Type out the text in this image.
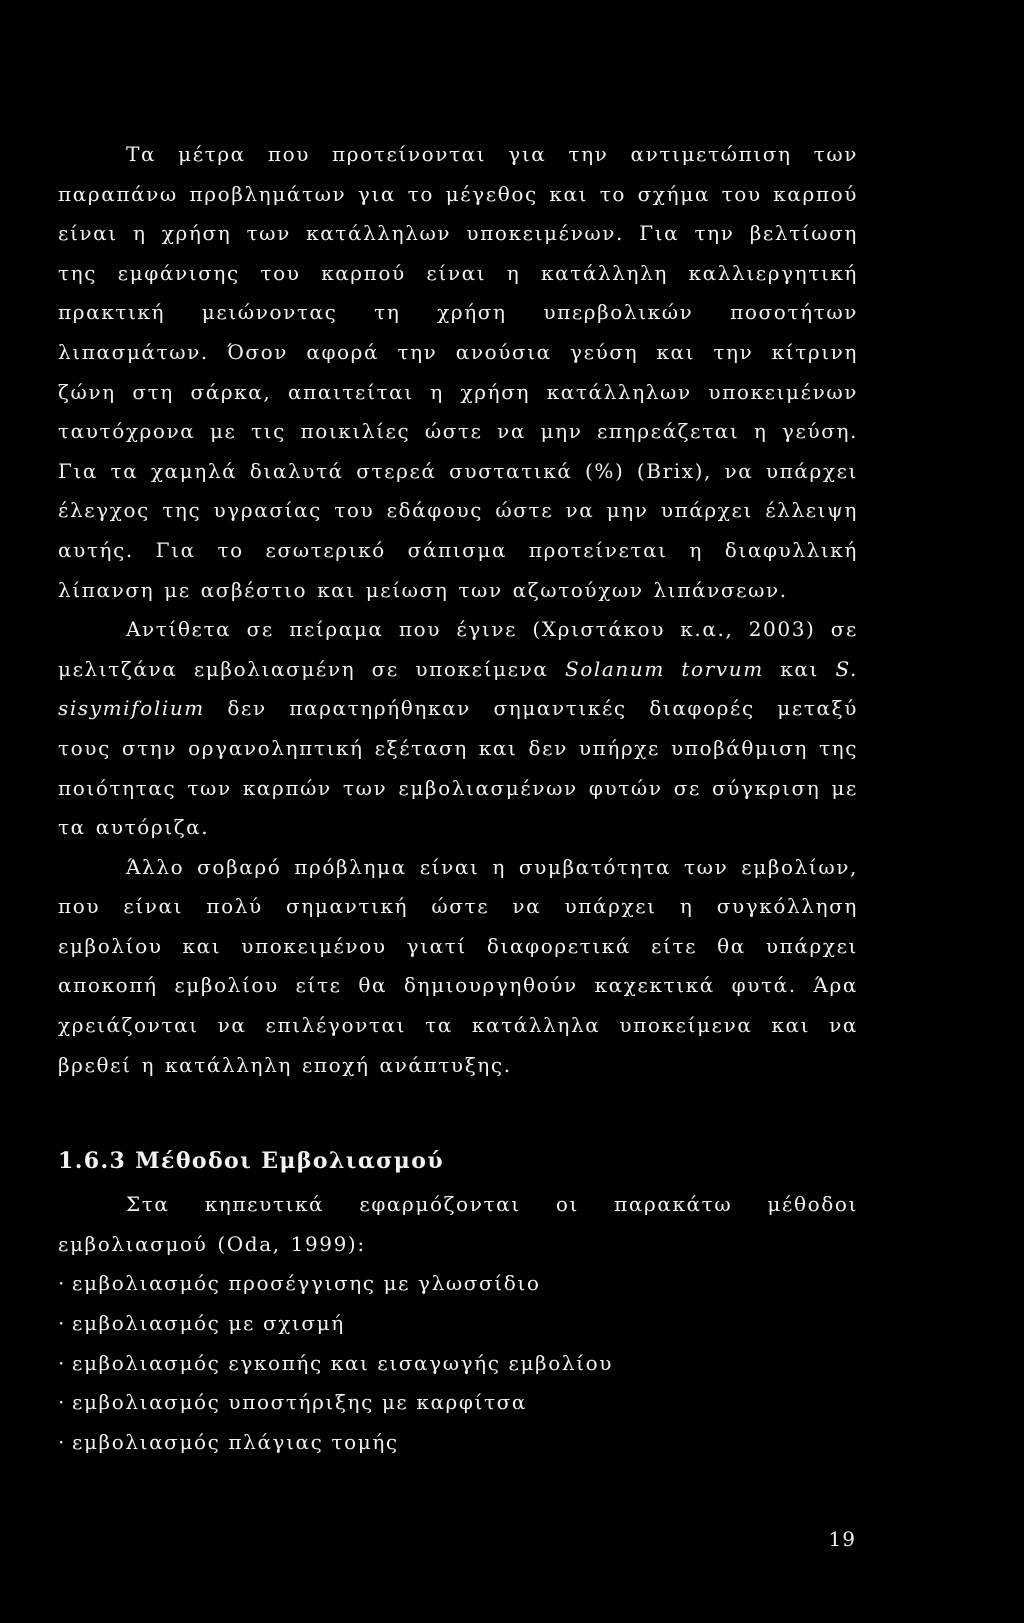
Τα μέτρα που προτείνονται για την αντιμετώπιση των παραπάνω προβλημάτων για το μέγεθος και το σχήμα του καρπού είναι η χρήση των κατάλληλων υποκειμένων. Για την βελτίωση της εμφάνισης του καρπού είναι η κατάλληλη καλλιεργητική πρακτική μειώνοντας τη χρήση υπερβολικών ποσοτήτων λιπασμάτων. Όσον αφορά την ανούσια γεύση και την κίτρινη ζώνη στη σάρκα, απαιτείται η χρήση κατάλληλων υποκειμένων ταυτόχρονα με τις ποικιλίες ώστε να μην επηρεάζεται η γεύση. Για τα χαμηλά διαλυτά στερεά συστατικά (%) (Brix), να υπάρχει έλεγχος της υγρασίας του εδάφους ώστε να μην υπάρχει έλλειψη αυτής. Για το εσωτερικό σάπισμα προτείνεται η διαφυλλική λίπανση με ασβέστιο και μείωση των αζωτούχων λιπάνσεων.

Αντίθετα σε πείραμα που έγινε (Χριστάκου κ.α., 2003) σε μελιτζάνα εμβολιασμένη σε υποκείμενα Solanum torvum και S. sisymifolium δεν παρατηρήθηκαν σημαντικές διαφορές μεταξύ τους στην οργανοληπτική εξέταση και δεν υπήρχε υποβάθμιση της ποιότητας των καρπών των εμβολιασμένων φυτών σε σύγκριση με τα αυτόριζα.

Άλλο σοβαρό πρόβλημα είναι η συμβατότητα των εμβολίων, που είναι πολύ σημαντική ώστε να υπάρχει η συγκόλληση εμβολίου και υποκειμένου γιατί διαφορετικά είτε θα υπάρχει αποκοπή εμβολίου είτε θα δημιουργηθούν καχεκτικά φυτά. Άρα χρειάζονται να επιλέγονται τα κατάλληλα υποκείμενα και να βρεθεί η κατάλληλη εποχή ανάπτυξης.

1.6.3 Μέθοδοι Εμβολιασμού

Στα κηπευτικά εφαρμόζονται οι παρακάτω μέθοδοι εμβολιασμού (Oda, 1999):

· εμβολιασμός προσέγγισης με γλωσσίδιο
· εμβολιασμός με σχισμή
· εμβολιασμός εγκοπής και εισαγωγής εμβολίου
· εμβολιασμός υποστήριξης με καρφίτσα
· εμβολιασμός πλάγιας τομής
19
